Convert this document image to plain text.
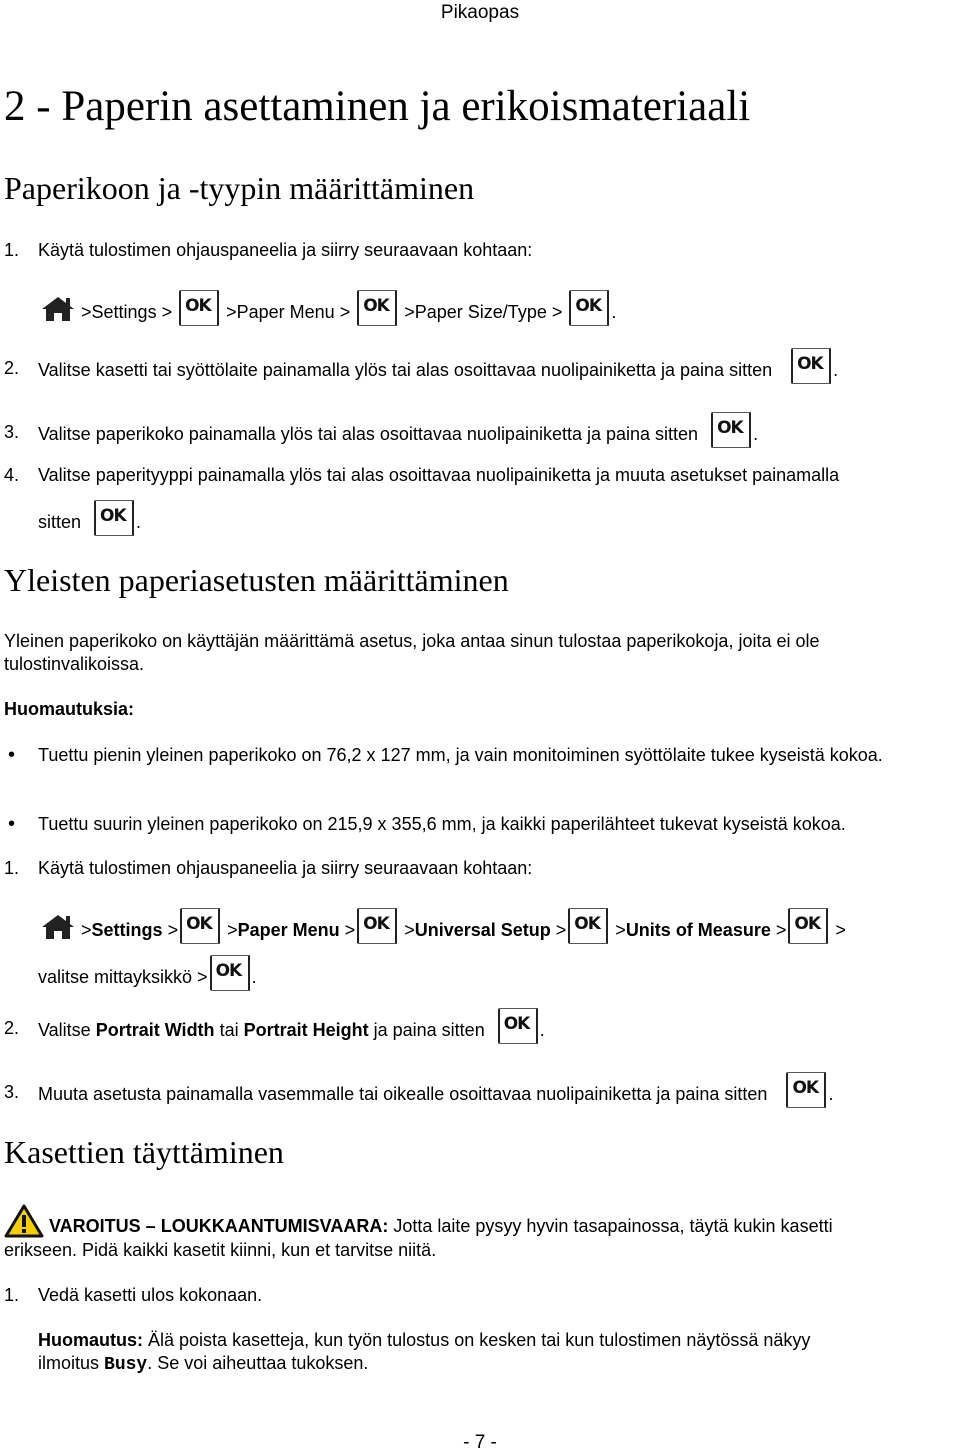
Pikaopas
2 - Paperin asettaminen ja erikoismateriaali
Paperikoon ja -tyypin määrittäminen
1. Käytä tulostimen ohjauspaneelia ja siirry seuraavaan kohtaan:
>Settings > OK >Paper Menu > OK >Paper Size/Type > OK .
2. Valitse kasetti tai syöttölaite painamalla ylös tai alas osoittavaa nuolipainiketta ja paina sitten OK .
3. Valitse paperikoko painamalla ylös tai alas osoittavaa nuolipainiketta ja paina sitten OK .
4. Valitse paperityyppi painamalla ylös tai alas osoittavaa nuolipainiketta ja muuta asetukset painamalla
sitten OK .
Yleisten paperiasetusten määrittäminen
Yleinen paperikoko on käyttäjän määrittämä asetus, joka antaa sinun tulostaa paperikokoja, joita ei ole tulostinvalikoissa.
Huomautuksia:
• Tuettu pienin yleinen paperikoko on 76,2 x 127 mm, ja vain monitoiminen syöttölaite tukee kyseistä kokoa.
• Tuettu suurin yleinen paperikoko on 215,9 x 355,6 mm, ja kaikki paperilähteet tukevat kyseistä kokoa.
1. Käytä tulostimen ohjauspaneelia ja siirry seuraavaan kohtaan:
>Settings > OK >Paper Menu > OK >Universal Setup > OK >Units of Measure > OK >
valitse mittayksikkö > OK .
2. Valitse Portrait Width tai Portrait Height ja paina sitten OK .
3. Muuta asetusta painamalla vasemmalle tai oikealle osoittavaa nuolipainiketta ja paina sitten OK .
Kasettien täyttäminen
VAROITUS – LOUKKAANTUMISVAARA: Jotta laite pysyy hyvin tasapainossa, täytä kukin kasetti
erikseen. Pidä kaikki kasetit kiinni, kun et tarvitse niitä.
1. Vedä kasetti ulos kokonaan.
Huomautus: Älä poista kasetteja, kun työn tulostus on kesken tai kun tulostimen näytössä näkyy
ilmoitus Busy. Se voi aiheuttaa tukoksen.
- 7 -
